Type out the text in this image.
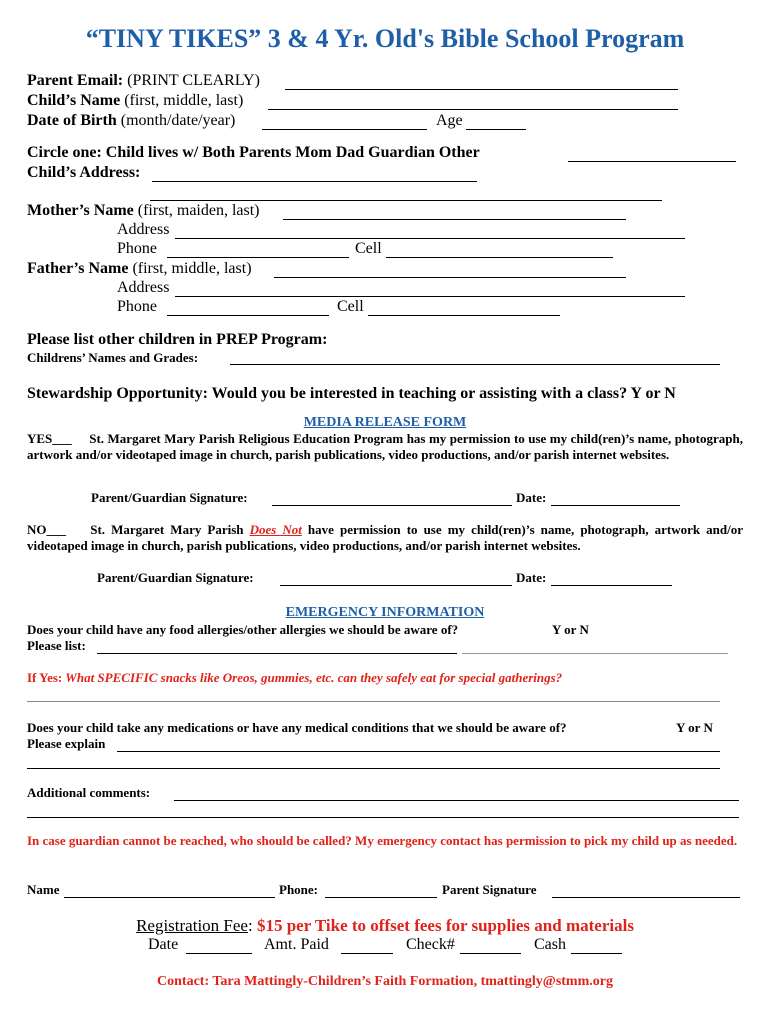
“TINY TIKES” 3 & 4 Yr. Old's Bible School Program
Parent Email: (PRINT CLEARLY)
Child’s Name (first, middle, last)
Date of Birth (month/date/year)	Age
Circle one: Child lives w/ Both Parents Mom Dad Guardian Other
Child’s Address:
Mother’s Name (first, maiden, last)
Address
Phone	Cell
Father’s Name (first, middle, last)
Address
Phone	Cell
Please list other children in PREP Program:
Childrens’ Names and Grades:
Stewardship Opportunity: Would you be interested in teaching or assisting with a class? Y or N
MEDIA RELEASE FORM
YES___ St. Margaret Mary Parish Religious Education Program has my permission to use my child(ren)’s name, photograph, artwork and/or videotaped image in church, parish publications, video productions, and/or parish internet websites.
Parent/Guardian Signature:	Date:
NO___ St. Margaret Mary Parish Does Not have permission to use my child(ren)’s name, photograph, artwork and/or videotaped image in church, parish publications, video productions, and/or parish internet websites.
Parent/Guardian Signature:	Date:
EMERGENCY INFORMATION
Does your child have any food allergies/other allergies we should be aware of?	Y or N
Please list:
If Yes: What SPECIFIC snacks like Oreos, gummies, etc. can they safely eat for special gatherings?
Does your child take any medications or have any medical conditions that we should be aware of?	Y or N
Please explain
Additional comments:
In case guardian cannot be reached, who should be called? My emergency contact has permission to pick my child up as needed.
Name	Phone:	Parent Signature
Registration Fee: $15 per Tike to offset fees for supplies and materials
Date	Amt. Paid	Check#	Cash
Contact: Tara Mattingly-Children’s Faith Formation, tmattingly@stmm.org
